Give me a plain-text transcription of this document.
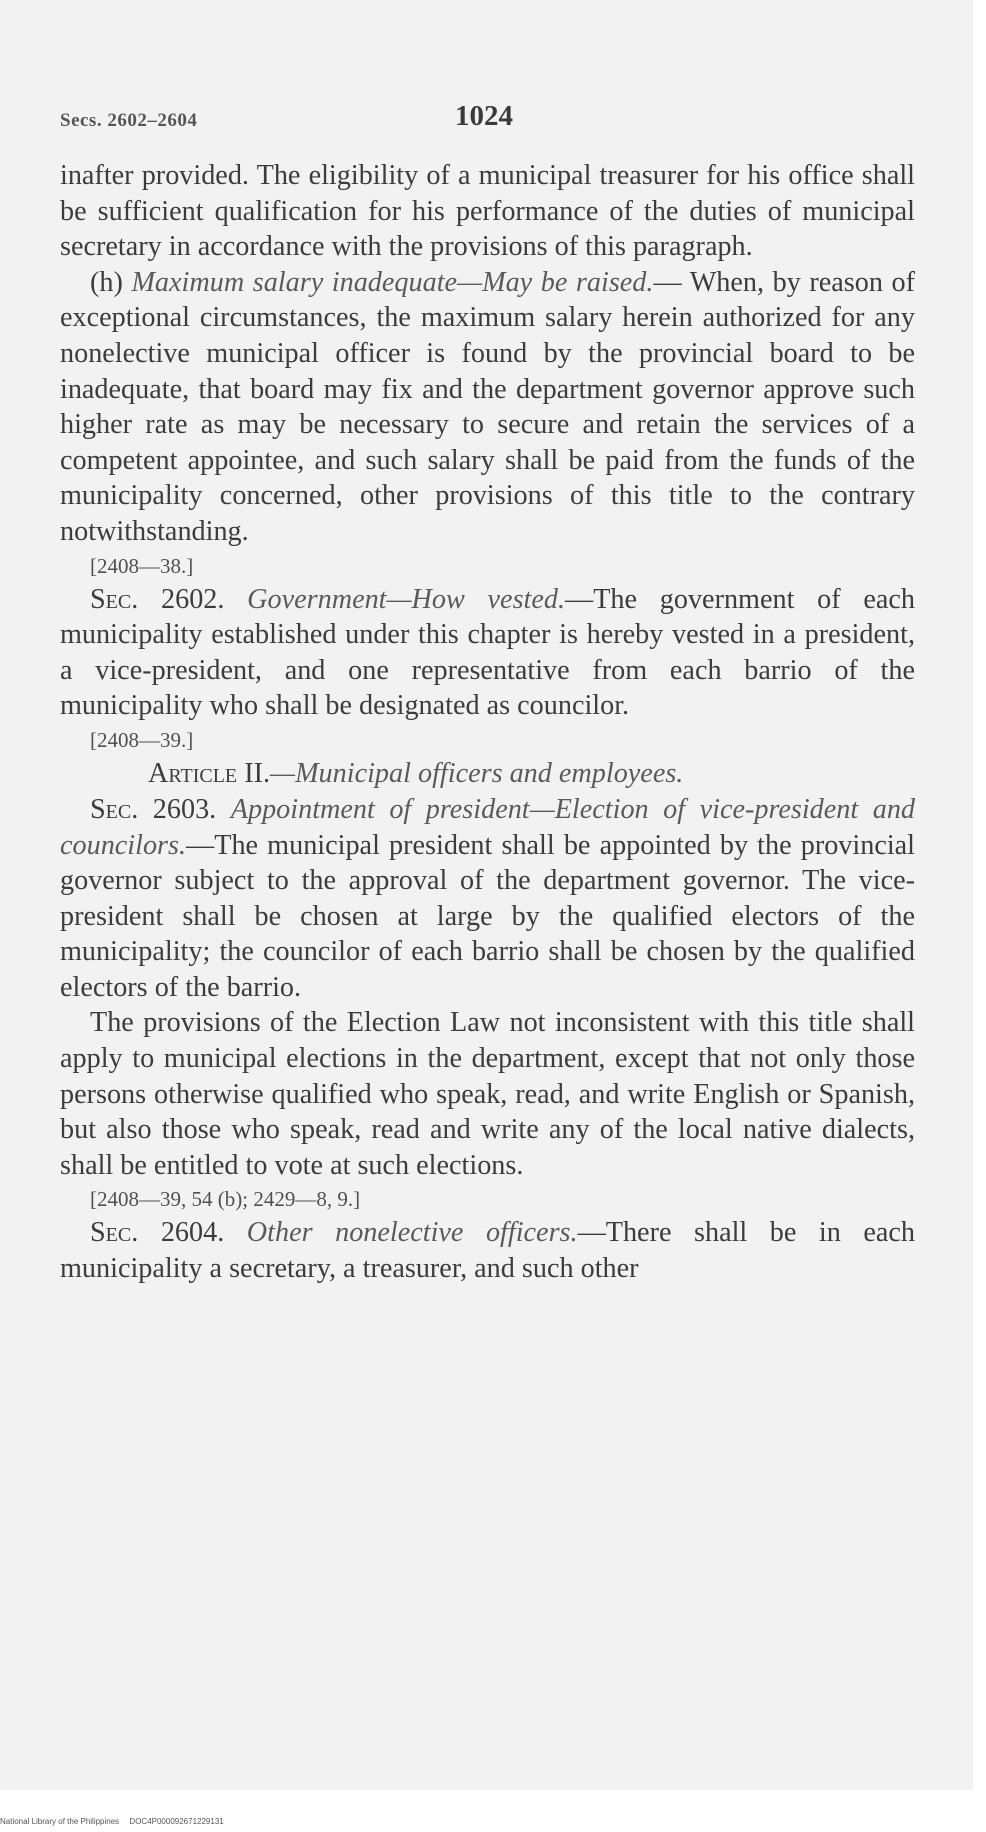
Secs. 2602–2604	1024

inafter provided. The eligibility of a municipal treasurer for his office shall be sufficient qualification for his performance of the duties of municipal secretary in accordance with the provisions of this paragraph.

(h) Maximum salary inadequate—May be raised.— When, by reason of exceptional circumstances, the maximum salary herein authorized for any nonelective municipal officer is found by the provincial board to be inadequate, that board may fix and the department governor approve such higher rate as may be necessary to secure and retain the services of a competent appointee, and such salary shall be paid from the funds of the municipality concerned, other provisions of this title to the contrary notwithstanding.

[2408—38.]

Sec. 2602. Government—How vested.—The government of each municipality established under this chapter is hereby vested in a president, a vice-president, and one representative from each barrio of the municipality who shall be designated as councilor.

[2408—39.]

Article II.—Municipal officers and employees.

Sec. 2603. Appointment of president—Election of vice-president and councilors.—The municipal president shall be appointed by the provincial governor subject to the approval of the department governor. The vice-president shall be chosen at large by the qualified electors of the municipality; the councilor of each barrio shall be chosen by the qualified electors of the barrio.

The provisions of the Election Law not inconsistent with this title shall apply to municipal elections in the department, except that not only those persons otherwise qualified who speak, read, and write English or Spanish, but also those who speak, read and write any of the local native dialects, shall be entitled to vote at such elections.

[2408—39, 54 (b); 2429—8, 9.]

Sec. 2604. Other nonelective officers.—There shall be in each municipality a secretary, a treasurer, and such other

National Library of the Philippines DOC4P000092671229131
